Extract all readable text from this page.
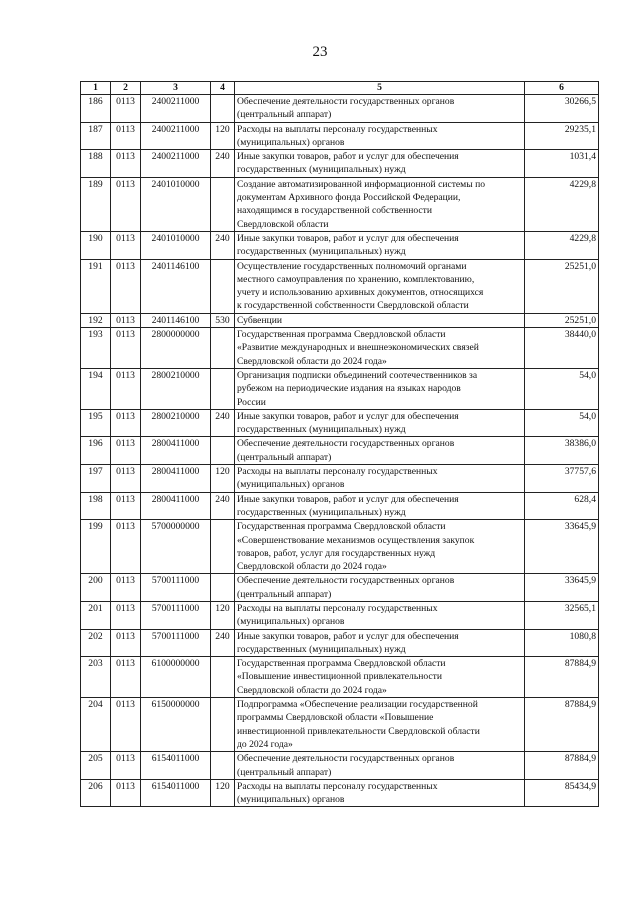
23
1	2	3	4	5	6
186	0113	2400211000		Обеспечение деятельности государственных органов
(центральный аппарат)	30266,5
187	0113	2400211000	120	Расходы на выплаты персоналу государственных
(муниципальных) органов	29235,1
188	0113	2400211000	240	Иные закупки товаров, работ и услуг для обеспечения
государственных (муниципальных) нужд	1031,4
189	0113	2401010000		Создание автоматизированной информационной системы по
документам Архивного фонда Российской Федерации,
находящимся в государственной собственности
Свердловской области	4229,8
190	0113	2401010000	240	Иные закупки товаров, работ и услуг для обеспечения
государственных (муниципальных) нужд	4229,8
191	0113	2401146100		Осуществление государственных полномочий органами
местного самоуправления по хранению, комплектованию,
учету и использованию архивных документов, относящихся
к государственной собственности Свердловской области	25251,0
192	0113	2401146100	530	Субвенции	25251,0
193	0113	2800000000		Государственная программа Свердловской области
«Развитие международных и внешнеэкономических связей
Свердловской области до 2024 года»	38440,0
194	0113	2800210000		Организация подписки объединений соотечественников за
рубежом на периодические издания на языках народов
России	54,0
195	0113	2800210000	240	Иные закупки товаров, работ и услуг для обеспечения
государственных (муниципальных) нужд	54,0
196	0113	2800411000		Обеспечение деятельности государственных органов
(центральный аппарат)	38386,0
197	0113	2800411000	120	Расходы на выплаты персоналу государственных
(муниципальных) органов	37757,6
198	0113	2800411000	240	Иные закупки товаров, работ и услуг для обеспечения
государственных (муниципальных) нужд	628,4
199	0113	5700000000		Государственная программа Свердловской области
«Совершенствование механизмов осуществления закупок
товаров, работ, услуг для государственных нужд
Свердловской области до 2024 года»	33645,9
200	0113	5700111000		Обеспечение деятельности государственных органов
(центральный аппарат)	33645,9
201	0113	5700111000	120	Расходы на выплаты персоналу государственных
(муниципальных) органов	32565,1
202	0113	5700111000	240	Иные закупки товаров, работ и услуг для обеспечения
государственных (муниципальных) нужд	1080,8
203	0113	6100000000		Государственная программа Свердловской области
«Повышение инвестиционной привлекательности
Свердловской области до 2024 года»	87884,9
204	0113	6150000000		Подпрограмма «Обеспечение реализации государственной
программы Свердловской области «Повышение
инвестиционной привлекательности Свердловской области
до 2024 года»	87884,9
205	0113	6154011000		Обеспечение деятельности государственных органов
(центральный аппарат)	87884,9
206	0113	6154011000	120	Расходы на выплаты персоналу государственных
(муниципальных) органов	85434,9
